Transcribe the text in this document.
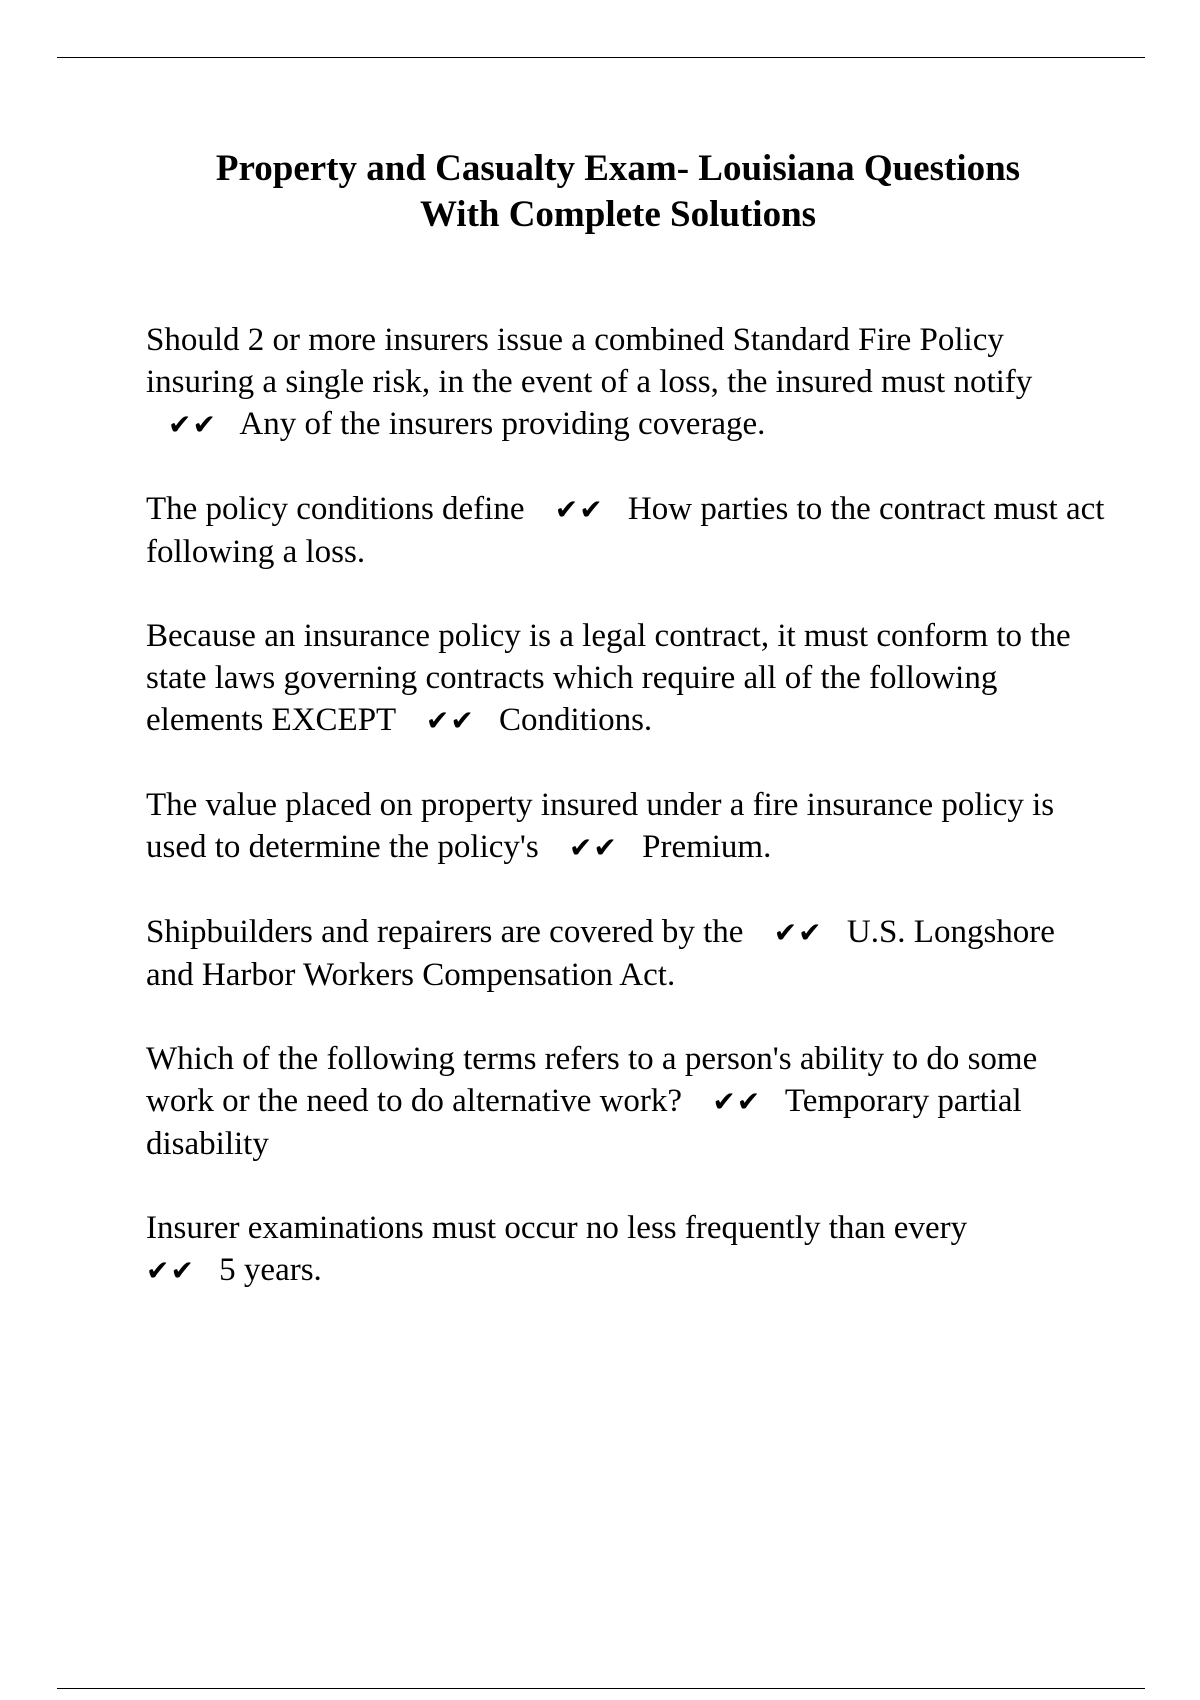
Property and Casualty Exam- Louisiana Questions
With Complete Solutions

Should 2 or more insurers issue a combined Standard Fire Policy insuring a single risk, in the event of a loss, the insured must notify ✔✔ Any of the insurers providing coverage.

The policy conditions define ✔✔ How parties to the contract must act following a loss.

Because an insurance policy is a legal contract, it must conform to the state laws governing contracts which require all of the following elements EXCEPT ✔✔ Conditions.

The value placed on property insured under a fire insurance policy is used to determine the policy's ✔✔ Premium.

Shipbuilders and repairers are covered by the ✔✔ U.S. Longshore and Harbor Workers Compensation Act.

Which of the following terms refers to a person's ability to do some work or the need to do alternative work? ✔✔ Temporary partial disability

Insurer examinations must occur no less frequently than every
✔✔ 5 years.
